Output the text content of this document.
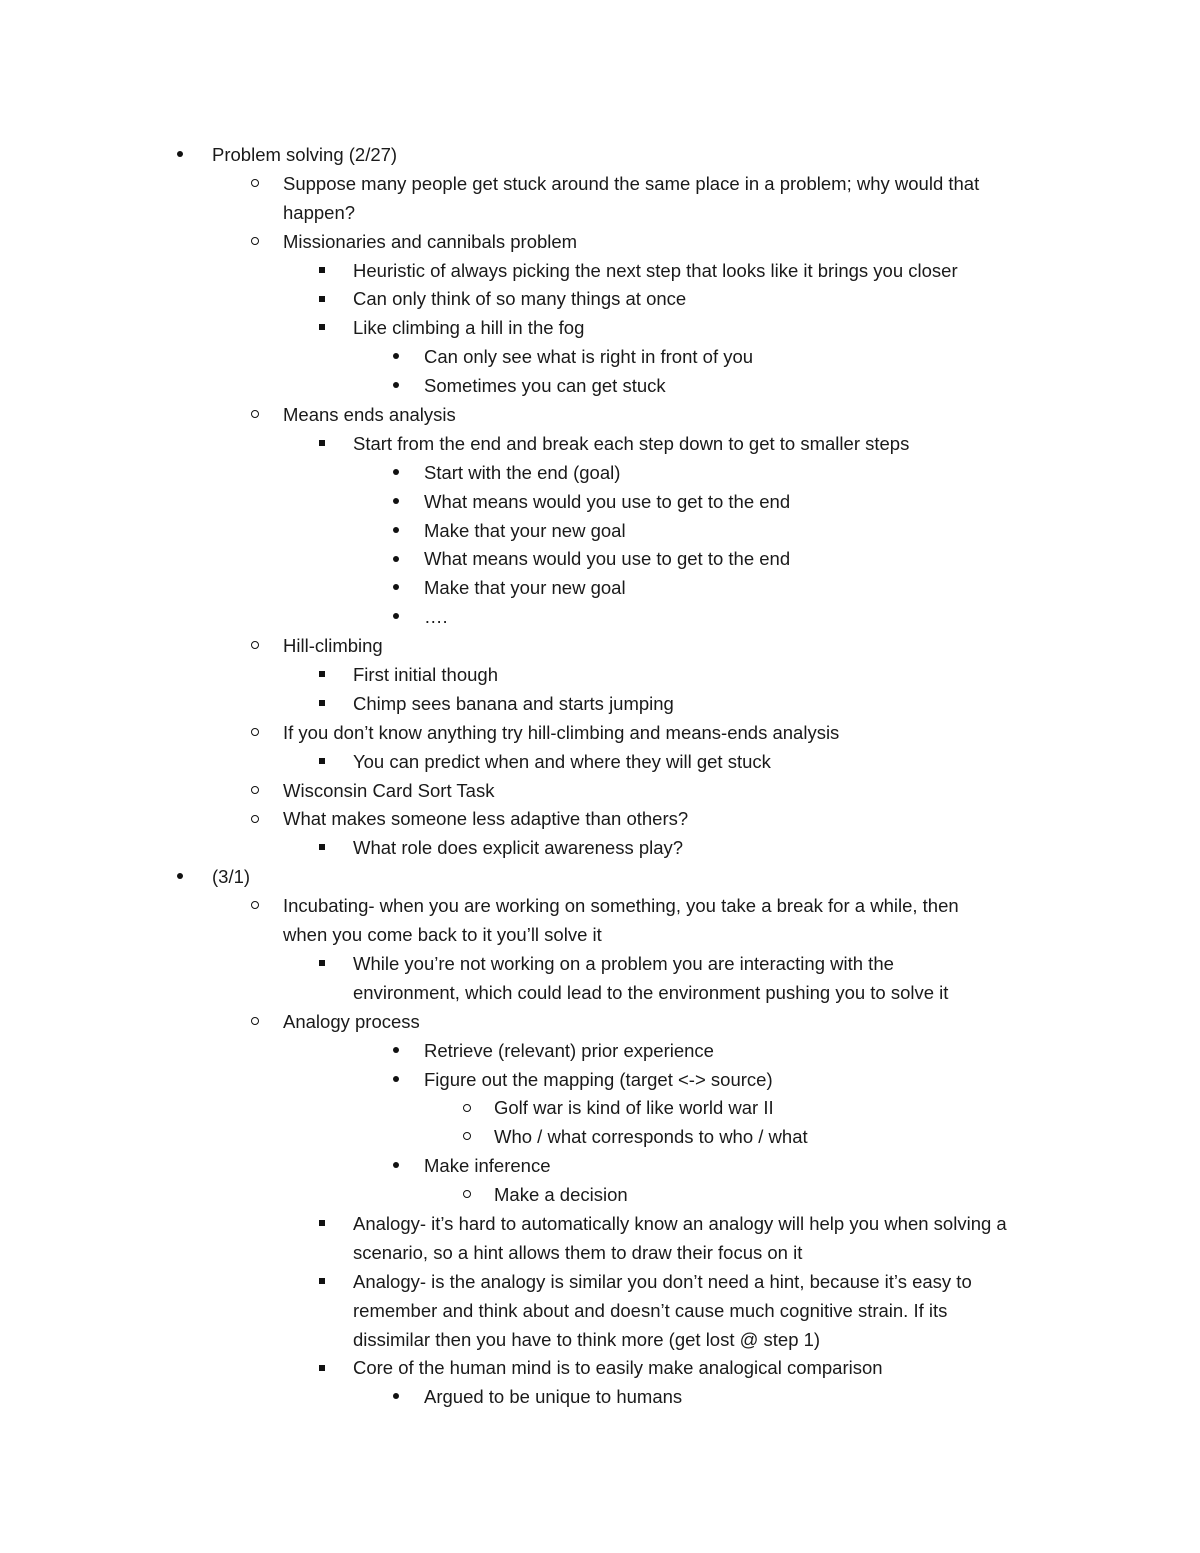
Problem solving (2/27)
Suppose many people get stuck around the same place in a problem; why would that
happen?
Missionaries and cannibals problem
Heuristic of always picking the next step that looks like it brings you closer
Can only think of so many things at once
Like climbing a hill in the fog
Can only see what is right in front of you
Sometimes you can get stuck
Means ends analysis
Start from the end and break each step down to get to smaller steps
Start with the end (goal)
What means would you use to get to the end
Make that your new goal
What means would you use to get to the end
Make that your new goal
….
Hill-climbing
First initial though
Chimp sees banana and starts jumping
If you don’t know anything try hill-climbing and means-ends analysis
You can predict when and where they will get stuck
Wisconsin Card Sort Task
What makes someone less adaptive than others?
What role does explicit awareness play?
(3/1)
Incubating- when you are working on something, you take a break for a while, then
when you come back to it you’ll solve it
While you’re not working on a problem you are interacting with the
environment, which could lead to the environment pushing you to solve it
Analogy process
Retrieve (relevant) prior experience
Figure out the mapping (target <-> source)
Golf war is kind of like world war II
Who / what corresponds to who / what
Make inference
Make a decision
Analogy- it’s hard to automatically know an analogy will help you when solving a
scenario, so a hint allows them to draw their focus on it
Analogy- is the analogy is similar you don’t need a hint, because it’s easy to
remember and think about and doesn’t cause much cognitive strain. If its
dissimilar then you have to think more (get lost @ step 1)
Core of the human mind is to easily make analogical comparison
Argued to be unique to humans
